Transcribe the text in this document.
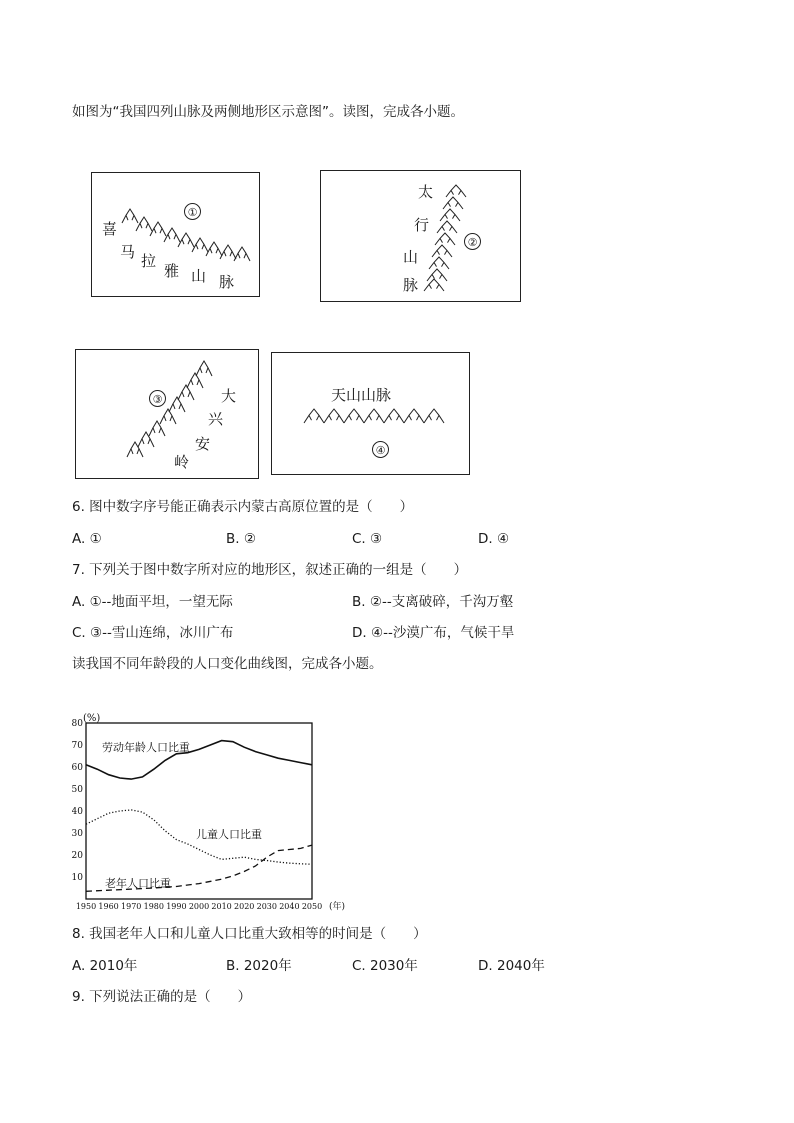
如图为“我国四列山脉及两侧地形区示意图”。读图，完成各小题。
①
喜
马 拉
雅 山 脉
②
太
行
山
脉
③	大
兴
安
岭
天山山脉
④
6. 图中数字序号能正确表示内蒙古高原位置的是（　　）
A. ①	B. ②	C. ③	D. ④
7. 下列关于图中数字所对应的地形区，叙述正确的一组是（　　）
A. ①--地面平坦，一望无际	B. ②--支离破碎，千沟万壑
C. ③--雪山连绵，冰川广布	D. ④--沙漠广布，气候干旱
读我国不同年龄段的人口变化曲线图，完成各小题。
10
20
30
40
50
60
70
80
1950 1960 1970 1980 1990 2000 2010 2020 2030 2040 2050
(%)
(年)
劳动年龄人口比重
儿童人口比重
老年人口比重
8. 我国老年人口和儿童人口比重大致相等的时间是（　　）
A. 2010年	B. 2020年	C. 2030年	D. 2040年
9. 下列说法正确的是（　　）
